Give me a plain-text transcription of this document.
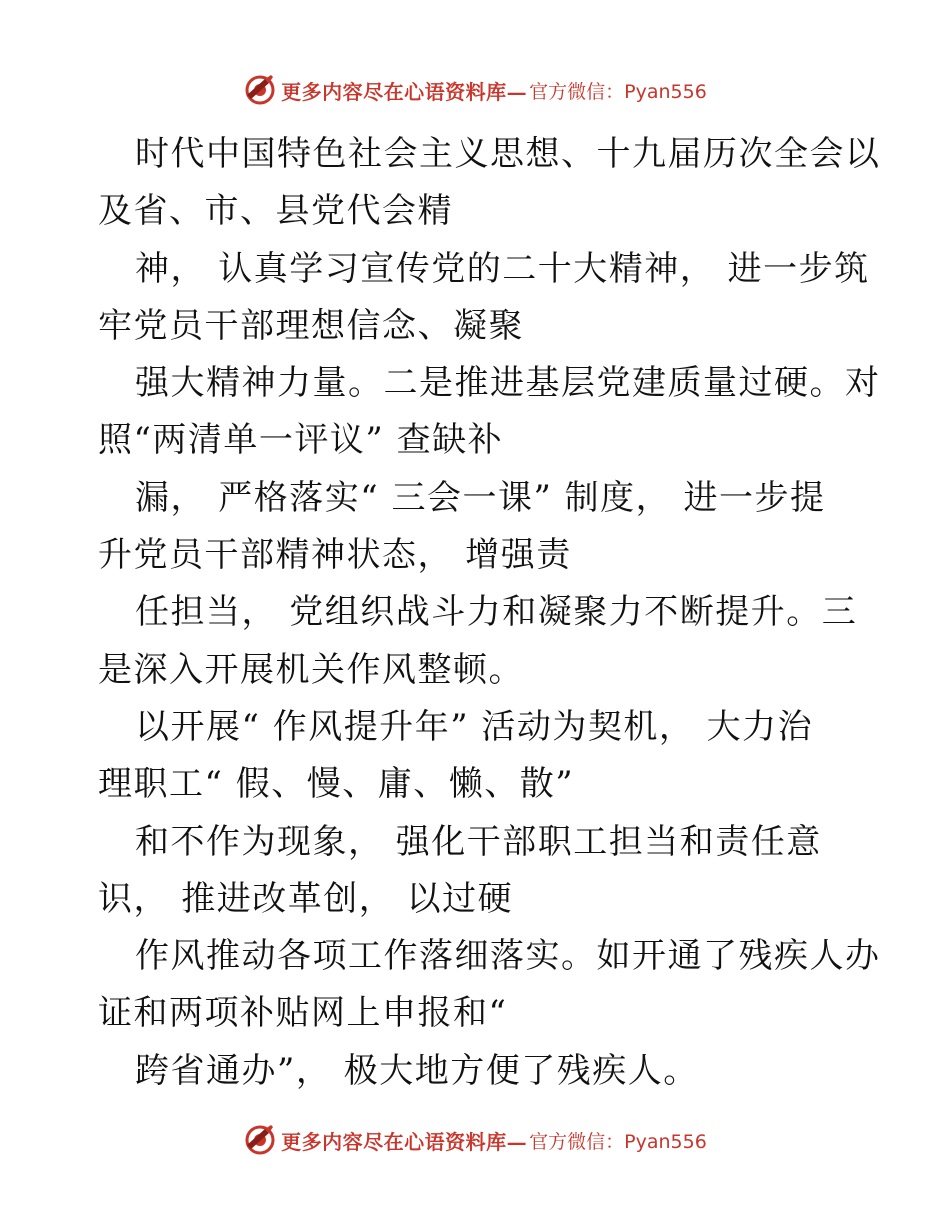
更多内容尽在心语资料库— 官方微信：Pyan556
时代中国特色社会主义思想、十九届历次全会以
及省、市、县党代会精
神， 认真学习宣传党的二十大精神， 进一步筑
牢党员干部理想信念、凝聚
强大精神力量。二是推进基层党建质量过硬。对
照“两清单一评议” 查缺补
漏， 严格落实“ 三会一课” 制度， 进一步提
升党员干部精神状态， 增强责
任担当， 党组织战斗力和凝聚力不断提升。三
是深入开展机关作风整顿。
以开展“ 作风提升年” 活动为契机， 大力治
理职工“ 假、慢、庸、懒、散”
和不作为现象， 强化干部职工担当和责任意
识， 推进改革创， 以过硬
作风推动各项工作落细落实。如开通了残疾人办
证和两项补贴网上申报和“
跨省通办”， 极大地方便了残疾人。
更多内容尽在心语资料库— 官方微信：Pyan556
